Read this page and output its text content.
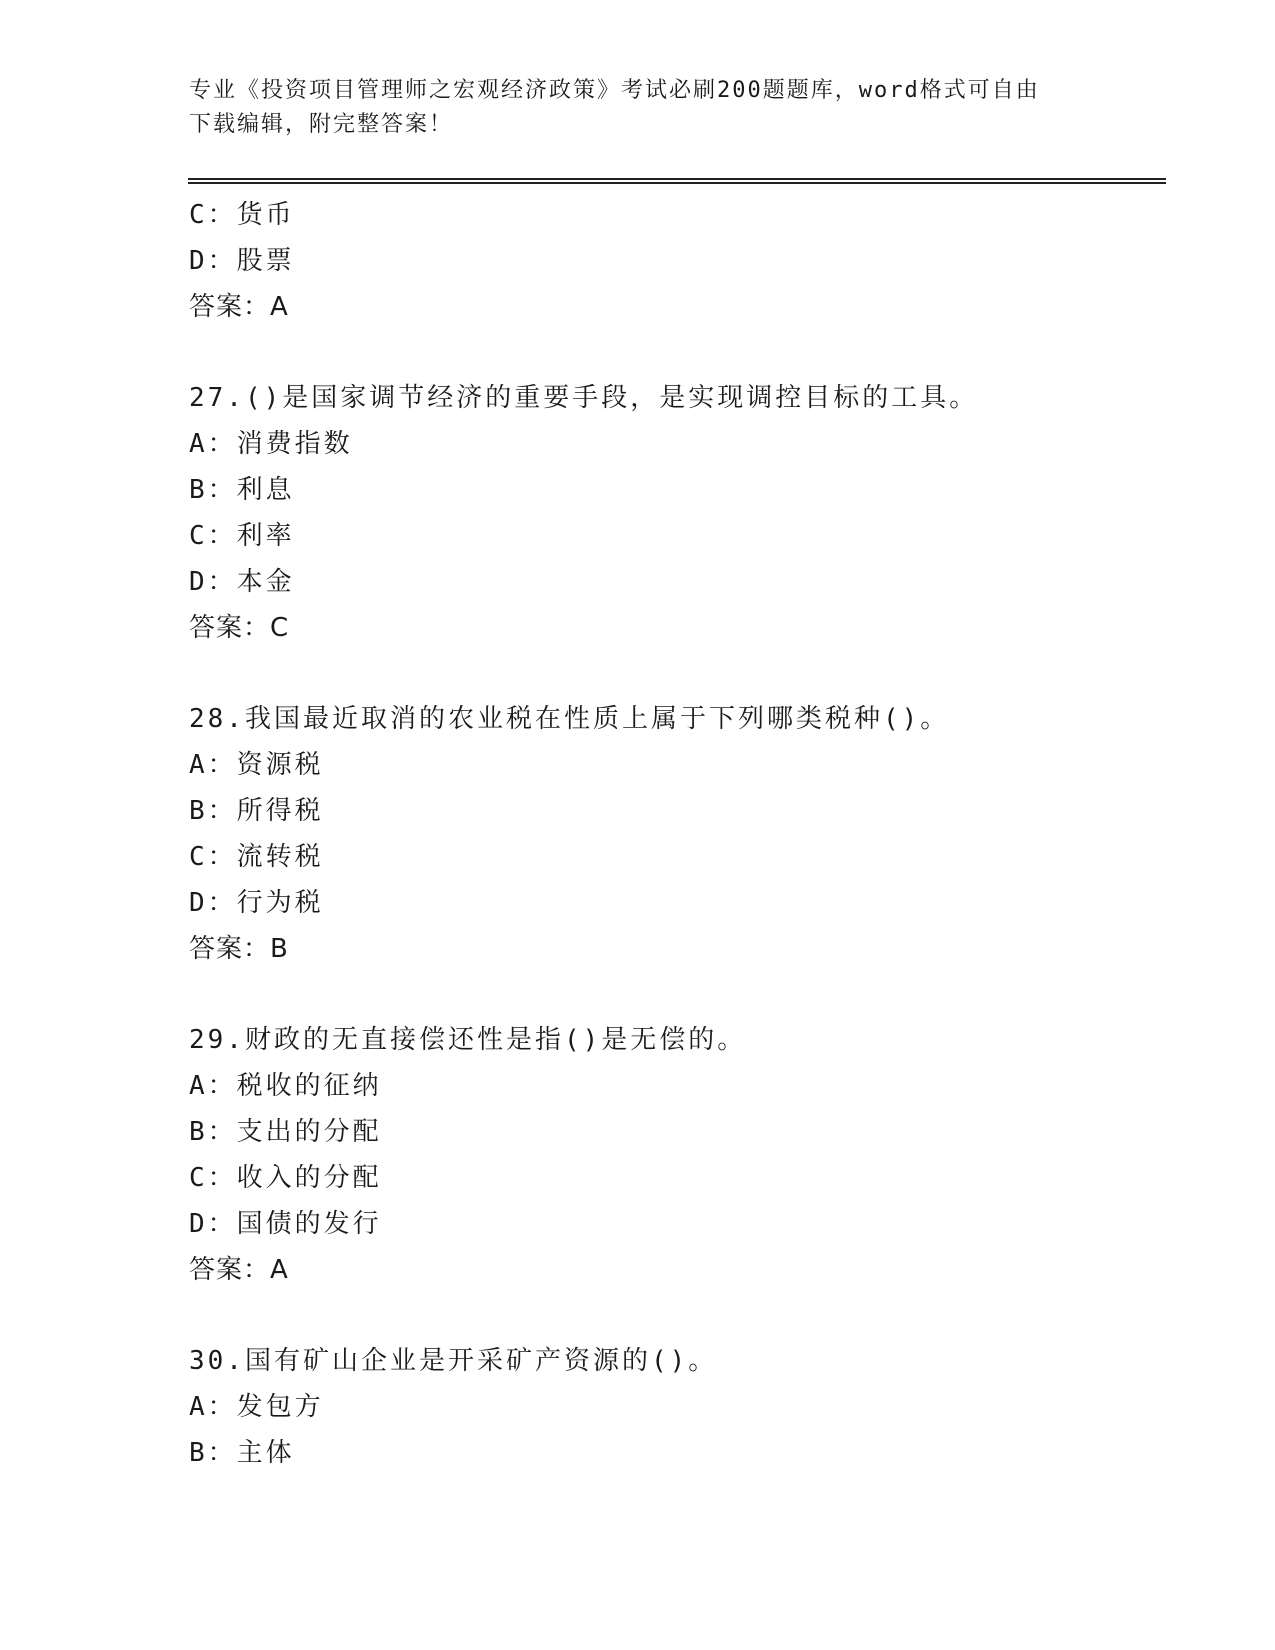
专业《投资项目管理师之宏观经济政策》考试必刷200题题库，word格式可自由
下载编辑，附完整答案！
C：货币
D：股票
答案：A
27.()是国家调节经济的重要手段，是实现调控目标的工具。
A：消费指数
B：利息
C：利率
D：本金
答案：C
28.我国最近取消的农业税在性质上属于下列哪类税种()。
A：资源税
B：所得税
C：流转税
D：行为税
答案：B
29.财政的无直接偿还性是指()是无偿的。
A：税收的征纳
B：支出的分配
C：收入的分配
D：国债的发行
答案：A
30.国有矿山企业是开采矿产资源的()。
A：发包方
B：主体
